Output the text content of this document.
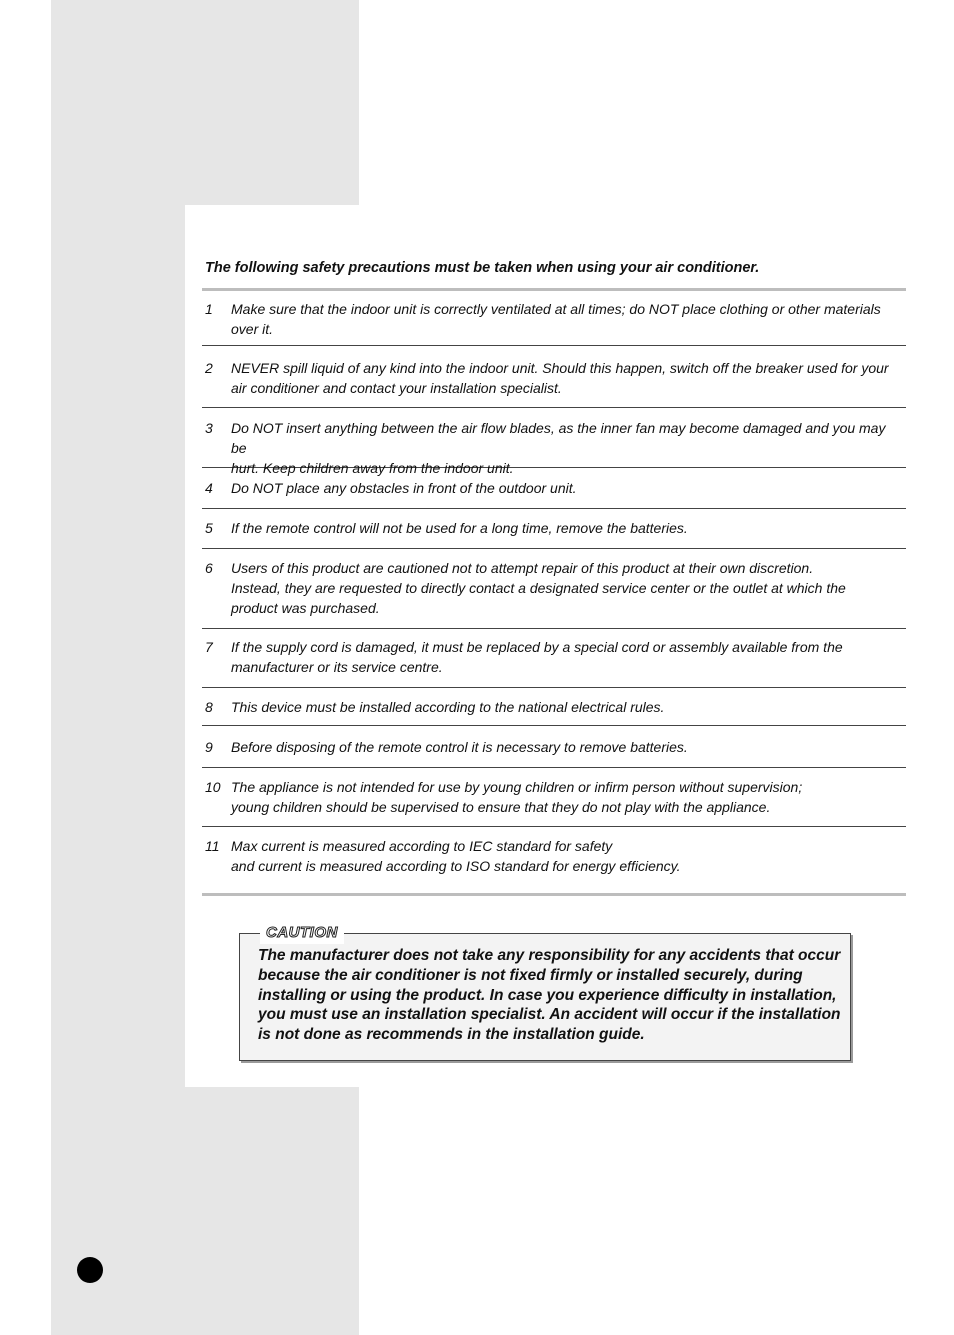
The following safety precautions must be taken when using your air conditioner.

1 Make sure that the indoor unit is correctly ventilated at all times; do NOT place clothing or other materials
over it.
2 NEVER spill liquid of any kind into the indoor unit. Should this happen, switch off the breaker used for your
air conditioner and contact your installation specialist.
3 Do NOT insert anything between the air flow blades, as the inner fan may become damaged and you may be
hurt. Keep children away from the indoor unit.
4 Do NOT place any obstacles in front of the outdoor unit.
5 If the remote control will not be used for a long time, remove the batteries.
6 Users of this product are cautioned not to attempt repair of this product at their own discretion.
Instead, they are requested to directly contact a designated service center or the outlet at which the
product was purchased.
7 If the supply cord is damaged, it must be replaced by a special cord or assembly available from the
manufacturer or its service centre.
8 This device must be installed according to the national electrical rules.
9 Before disposing of the remote control it is necessary to remove batteries.
10 The appliance is not intended for use by young children or infirm person without supervision;
young children should be supervised to ensure that they do not play with the appliance.
11 Max current is measured according to IEC standard for safety
and current is measured according to ISO standard for energy efficiency.
CAUTION

The manufacturer does not take any responsibility for any accidents that occur because the air conditioner is not fixed firmly or installed securely, during installing or using the product. In case you experience difficulty in installation, you must use an installation specialist. An accident will occur if the installation is not done as recommends in the installation guide.
